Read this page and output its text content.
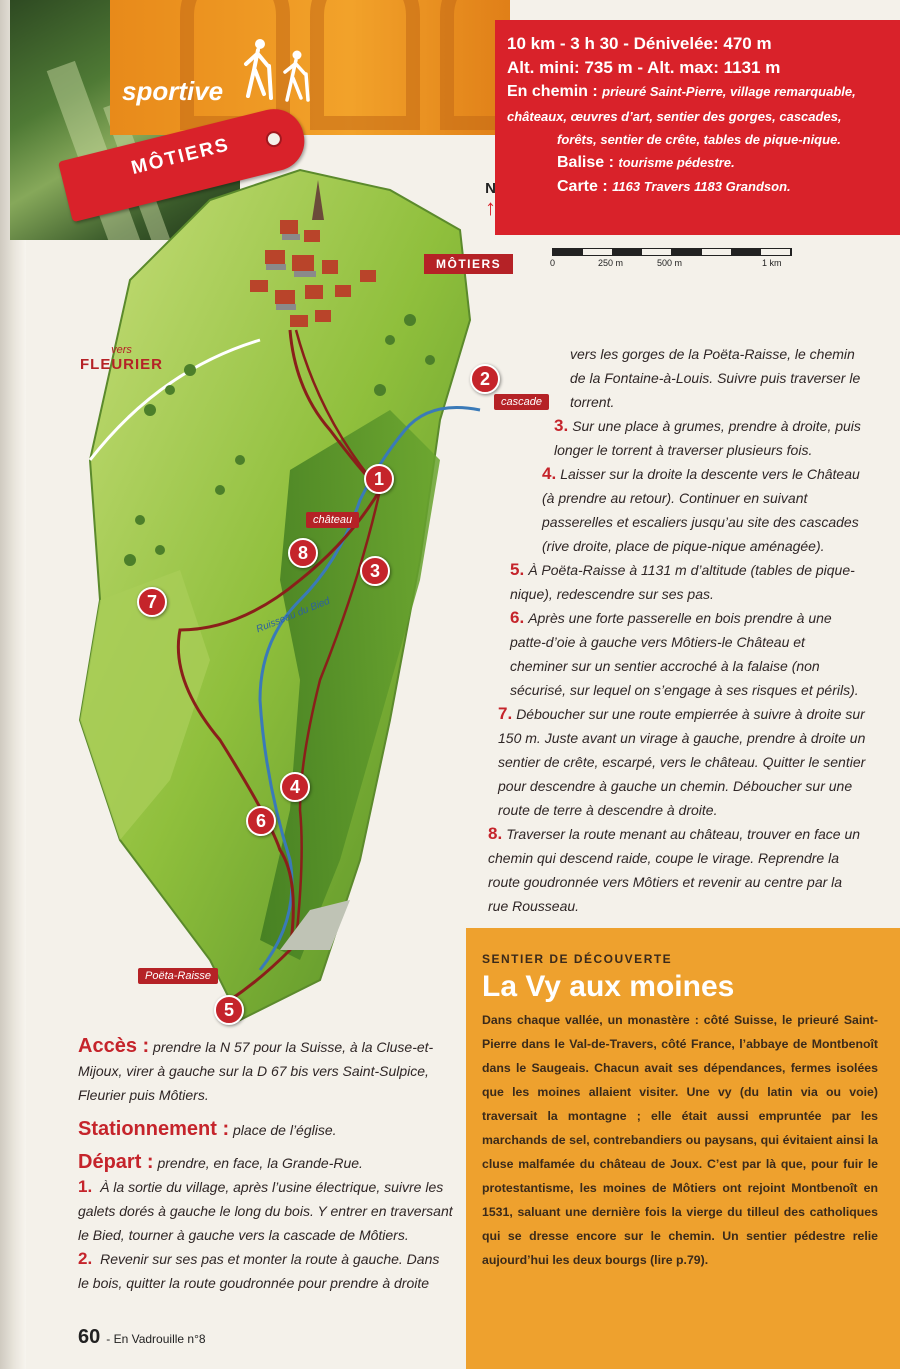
sportive
10 km - 3 h 30 - Dénivelée: 470 m
Alt. mini: 735 m - Alt. max: 1131 m
En chemin : prieuré Saint-Pierre, village remarquable,
châteaux, œuvres d’art, sentier des gorges, cascades,
forêts, sentier de crête, tables de pique-nique.
Balise : tourisme pédestre.
Carte : 1163 Travers 1183 Grandson.
N
↑
0	250 m	500 m	1 km
MÔTIERS
vers
FLEURIER
cascade
château
Poëta-Raisse
Ruisseau du Bied
1
2
3
4
5
6
7
8
MÔTIERS

vers les gorges de la Poëta-Raisse, le chemin de la Fontaine-à-Louis. Suivre puis traverser le torrent.

3. Sur une place à grumes, prendre à droite, puis longer le torrent à traverser plusieurs fois.

4. Laisser sur la droite la descente vers le Château (à prendre au retour). Continuer en suivant passerelles et escaliers jusqu’au site des cascades (rive droite, place de pique-nique aménagée).

5. À Poëta-Raisse à 1131 m d’altitude (tables de pique-nique), redescendre sur ses pas.

6. Après une forte passerelle en bois prendre à une patte-d’oie à gauche vers Môtiers-le Château et cheminer sur un sentier accroché à la falaise (non sécurisé, sur lequel on s’engage à ses risques et périls).

7. Déboucher sur une route empierrée à suivre à droite sur 150 m. Juste avant un virage à gauche, prendre à droite un sentier de crête, escarpé, vers le château. Quitter le sentier pour descendre à gauche un chemin. Déboucher sur une route de terre à descendre à droite.

8. Traverser la route menant au château, trouver en face un chemin qui descend raide, coupe le virage. Reprendre la route goudronnée vers Môtiers et revenir au centre par la rue Rousseau.

Accès : prendre la N 57 pour la Suisse, à la Cluse-et-Mijoux, virer à gauche sur la D 67 bis vers Saint-Sulpice, Fleurier puis Môtiers.

Stationnement : place de l’église.

Départ : prendre, en face, la Grande-Rue.

1. À la sortie du village, après l’usine électrique, suivre les galets dorés à gauche le long du bois. Y entrer en traversant le Bied, tourner à gauche vers la cascade de Môtiers.

2. Revenir sur ses pas et monter la route à gauche. Dans le bois, quitter la route goudronnée pour prendre à droite

SENTIER DE DÉCOUVERTE
La Vy aux moines
Dans chaque vallée, un monastère : côté Suisse, le prieuré Saint-Pierre dans le Val-de-Travers, côté France, l’abbaye de Montbenoît dans le Saugeais. Chacun avait ses dépendances, fermes isolées que les moines allaient visiter. Une vy (du latin via ou voie) traversait la montagne ; elle était aussi empruntée par les marchands de sel, contrebandiers ou paysans, qui évitaient ainsi la cluse malfamée du château de Joux. C’est par là que, pour fuir le protestantisme, les moines de Môtiers ont rejoint Montbenoît en 1531, saluant une dernière fois la vierge du tilleul des catholiques qui se dresse encore sur le chemin. Un sentier pédestre relie aujourd’hui les deux bourgs (lire p.79).
60 - En Vadrouille n°8
